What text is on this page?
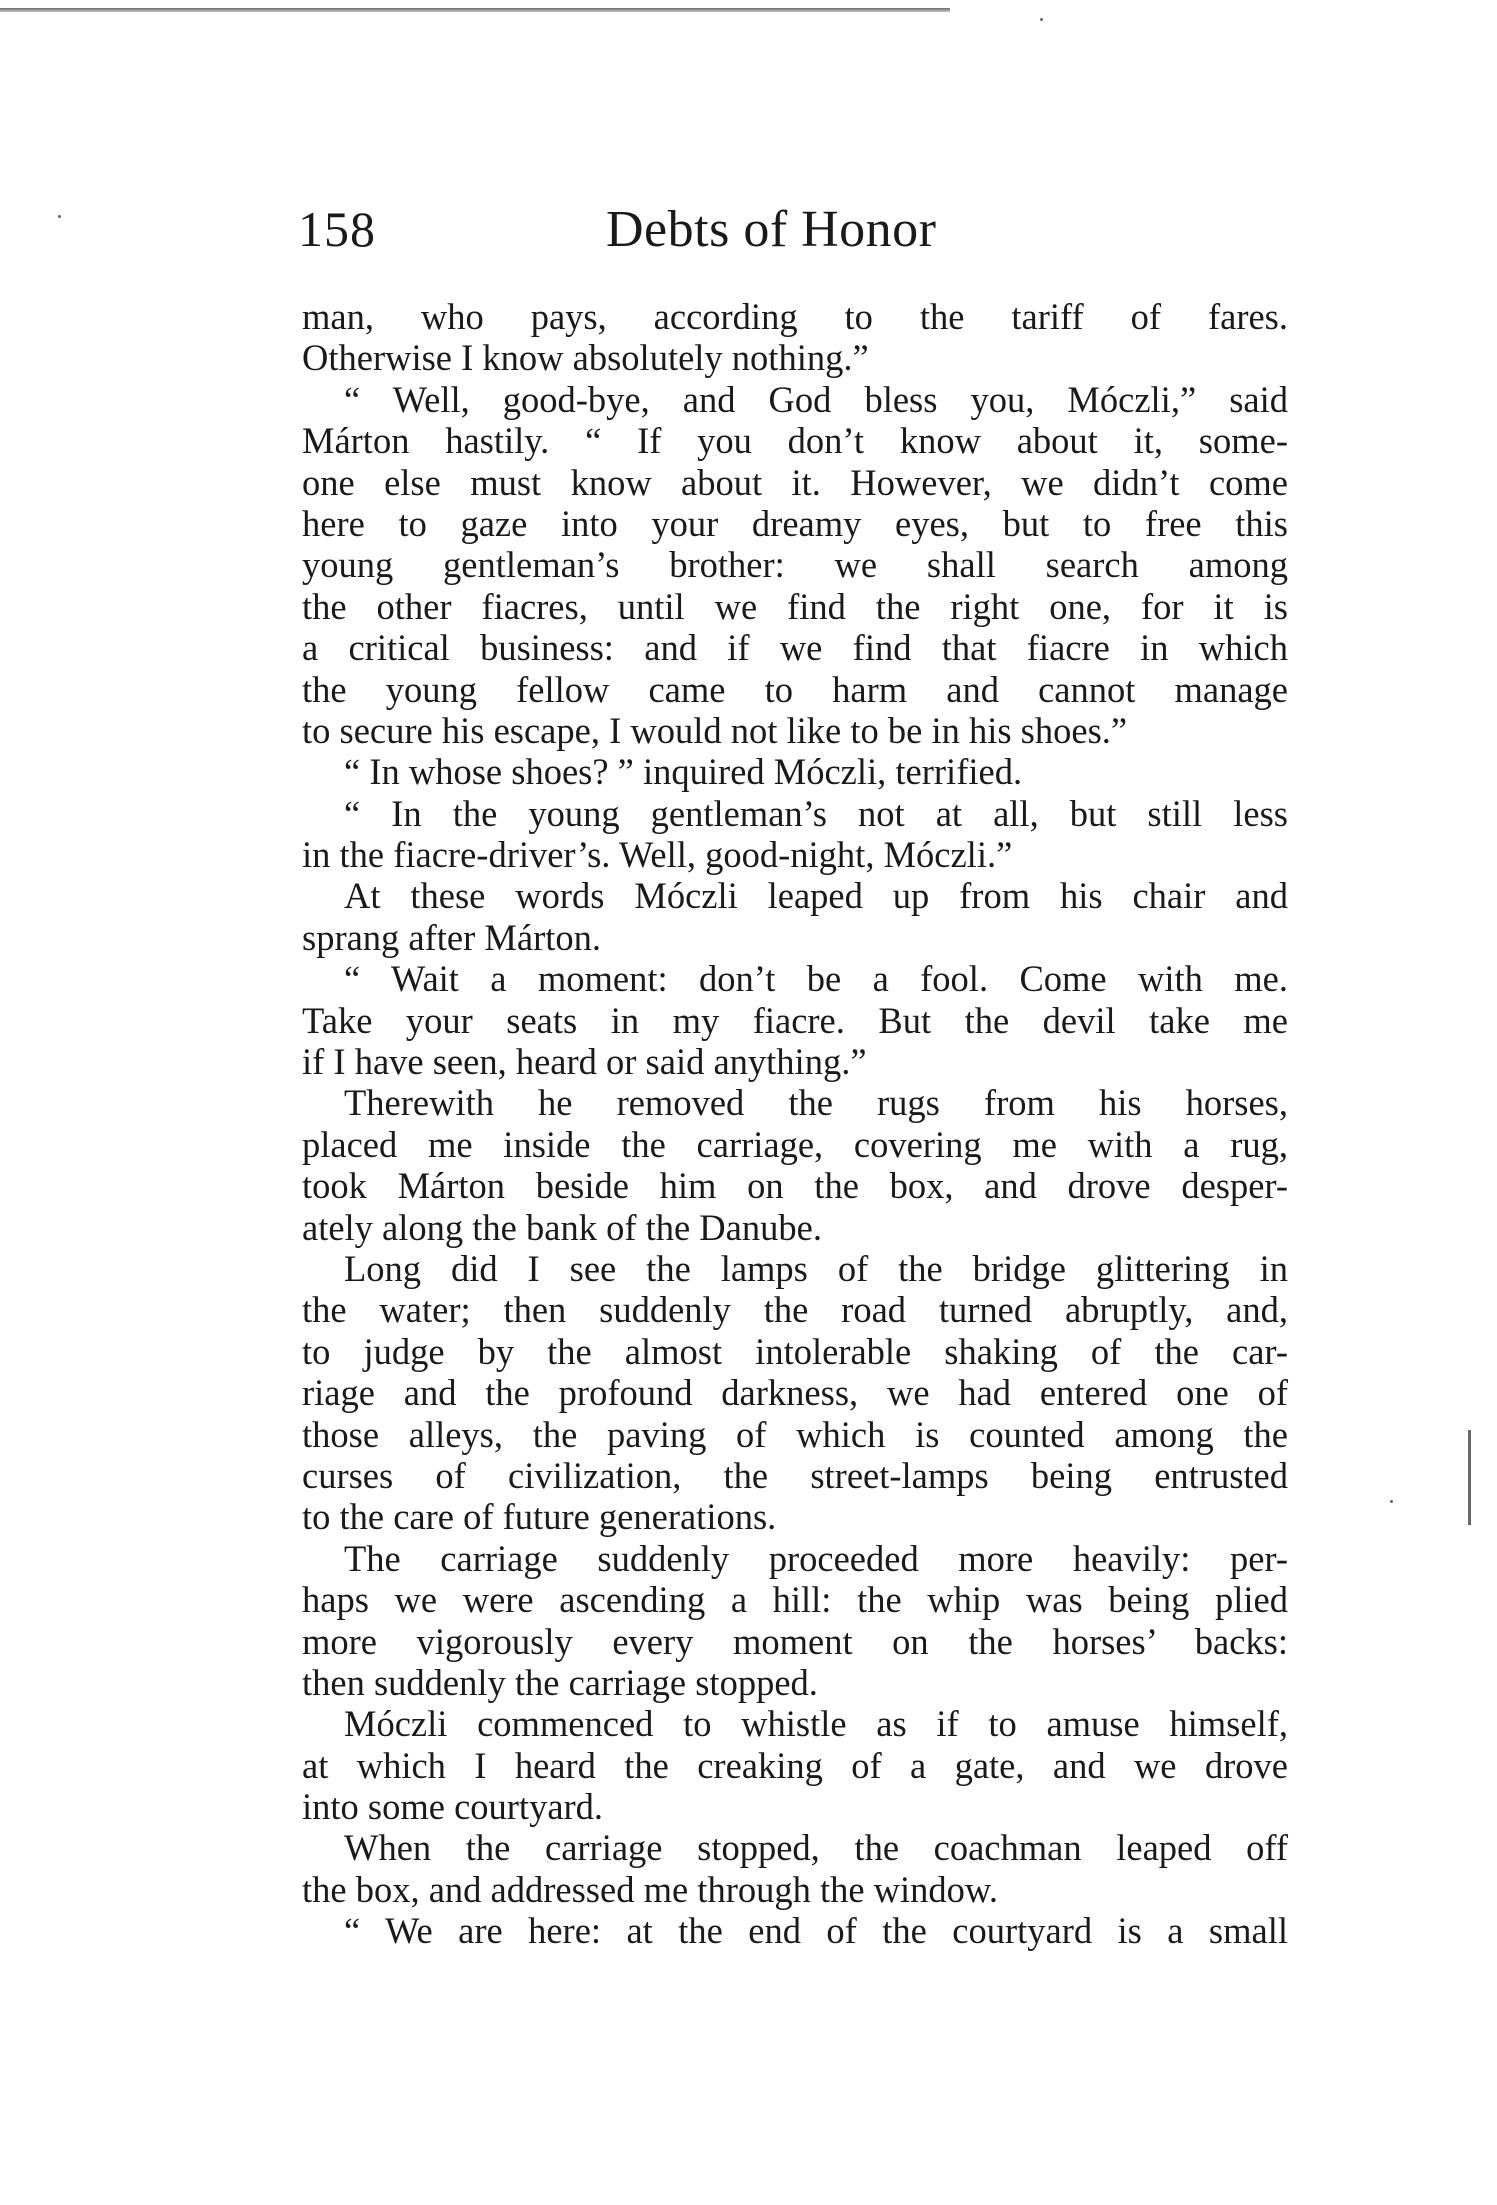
158	Debts of Honor
man, who pays, according to the tariff of fares.
Otherwise I know absolutely nothing.”
“ Well, good-bye, and God bless you, Móczli,” said
Márton hastily. “ If you don’t know about it, some-
one else must know about it. However, we didn’t come
here to gaze into your dreamy eyes, but to free this
young gentleman’s brother: we shall search among
the other fiacres, until we find the right one, for it is
a critical business: and if we find that fiacre in which
the young fellow came to harm and cannot manage
to secure his escape, I would not like to be in his shoes.”
“ In whose shoes? ” inquired Móczli, terrified.
“ In the young gentleman’s not at all, but still less
in the fiacre-driver’s. Well, good-night, Móczli.”
At these words Móczli leaped up from his chair and
sprang after Márton.
“ Wait a moment: don’t be a fool. Come with me.
Take your seats in my fiacre. But the devil take me
if I have seen, heard or said anything.”
Therewith he removed the rugs from his horses,
placed me inside the carriage, covering me with a rug,
took Márton beside him on the box, and drove desper-
ately along the bank of the Danube.
Long did I see the lamps of the bridge glittering in
the water; then suddenly the road turned abruptly, and,
to judge by the almost intolerable shaking of the car-
riage and the profound darkness, we had entered one of
those alleys, the paving of which is counted among the
curses of civilization, the street-lamps being entrusted
to the care of future generations.
The carriage suddenly proceeded more heavily: per-
haps we were ascending a hill: the whip was being plied
more vigorously every moment on the horses’ backs:
then suddenly the carriage stopped.
Móczli commenced to whistle as if to amuse himself,
at which I heard the creaking of a gate, and we drove
into some courtyard.
When the carriage stopped, the coachman leaped off
the box, and addressed me through the window.
“ We are here: at the end of the courtyard is a small
